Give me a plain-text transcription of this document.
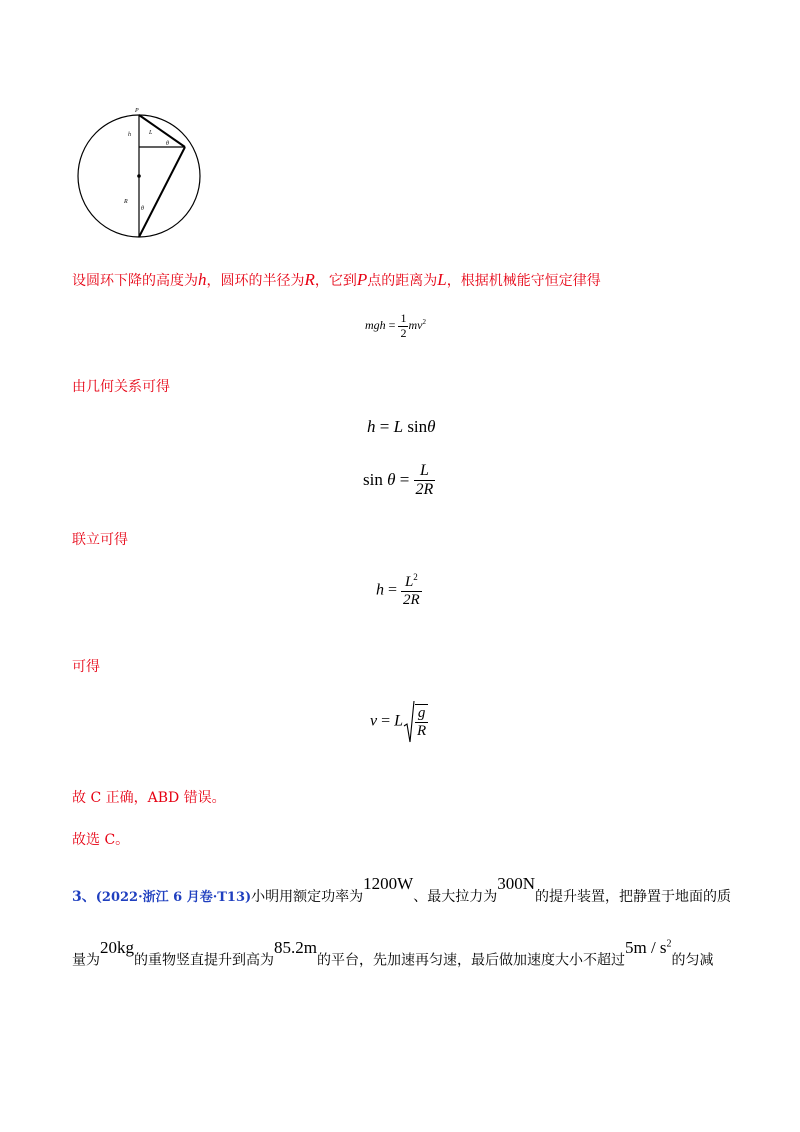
P
h	L
θ
R
θ
设圆环下降的高度为h，圆环的半径为R，它到P点的距离为L，根据机械能守恒定律得
mgh = $\frac{1}{2} mv^2$
由几何关系可得
h = L sinθ
$\sin \theta = \frac{L}{2R}$
联立可得
$h = \frac{L^2}{2R}$
可得
v = L $\frac{g}{R}$
故 C 正确，ABD 错误。
故选 C。
3、(2022·浙江 6 月卷·T13)小明用额定功率为1200W、最大拉力为300N的提升装置，把静置于地面的质
量为20kg的重物竖直提升到高为85.2m的平台，先加速再匀速，最后做加速度大小不超过$5m / s^2$的匀减
